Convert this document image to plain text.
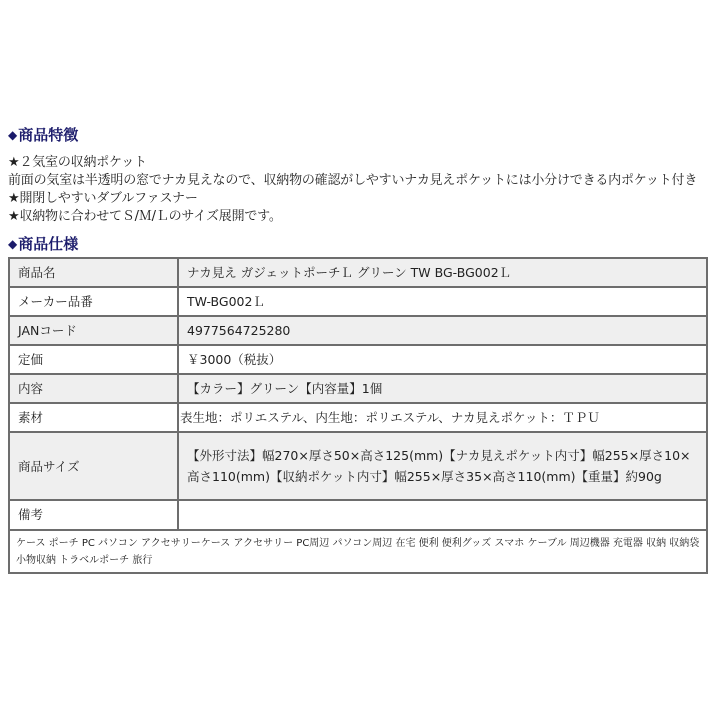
◆商品特徴
★２気室の収納ポケット
前面の気室は半透明の窓でナカ見えなので、収納物の確認がしやすいナカ見えポケットには小分けできる内ポケット付き
★開閉しやすいダブルファスナー
★収納物に合わせてＳ/Ｍ/Ｌのサイズ展開です。
◆商品仕様
商品名	ナカ見え ガジェットポーチＬ グリーン TW BG-BG002Ｌ
メーカー品番	TW-BG002Ｌ
JANコード	4977564725280
定価	￥3000（税抜）
内容	【カラー】グリーン【内容量】1個
素材	表生地：ポリエステル、内生地：ポリエステル、ナカ見えポケット：ＴＰＵ
商品サイズ	【外形寸法】幅270×厚さ50×高さ125(mm)【ナカ見えポケット内寸】幅255×厚さ10×高さ110(mm)【収納ポケット内寸】幅255×厚さ35×高さ110(mm)【重量】約90g
備考	
ケース ポーチ PC パソコン アクセサリーケース アクセサリー PC周辺 パソコン周辺 在宅 便利 便利グッズ スマホ ケーブル 周辺機器 充電器 収納 収納袋 小物収納 トラベルポーチ 旅行	
